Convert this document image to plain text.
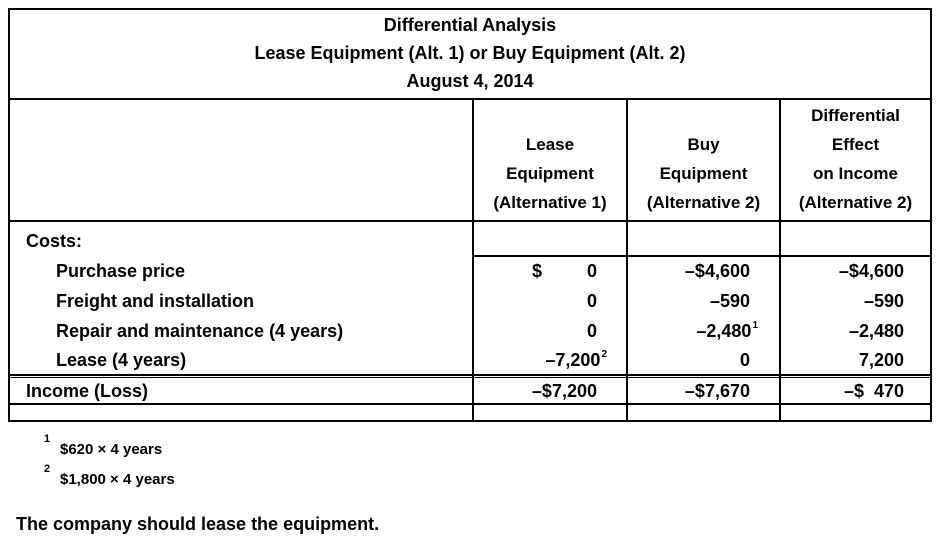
Differential Analysis
Lease Equipment (Alt. 1) or Buy Equipment (Alt. 2)
August 4, 2014
Lease
Equipment
(Alternative 1)
Buy
Equipment
(Alternative 2)
Differential
Effect
on Income
(Alternative 2)
Costs:
Purchase price
Freight and installation
Repair and maintenance (4 years)
Lease (4 years)
Income (Loss)
$ 0
0
0
–7,200$^2$
–$7,200
–$4,600
–590
–2,480$^1$
0
–$7,670
–$4,600
–590
–2,480
7,200
–$  470
1
$620 × 4 years
2
$1,800 × 4 years
The company should lease the equipment.
